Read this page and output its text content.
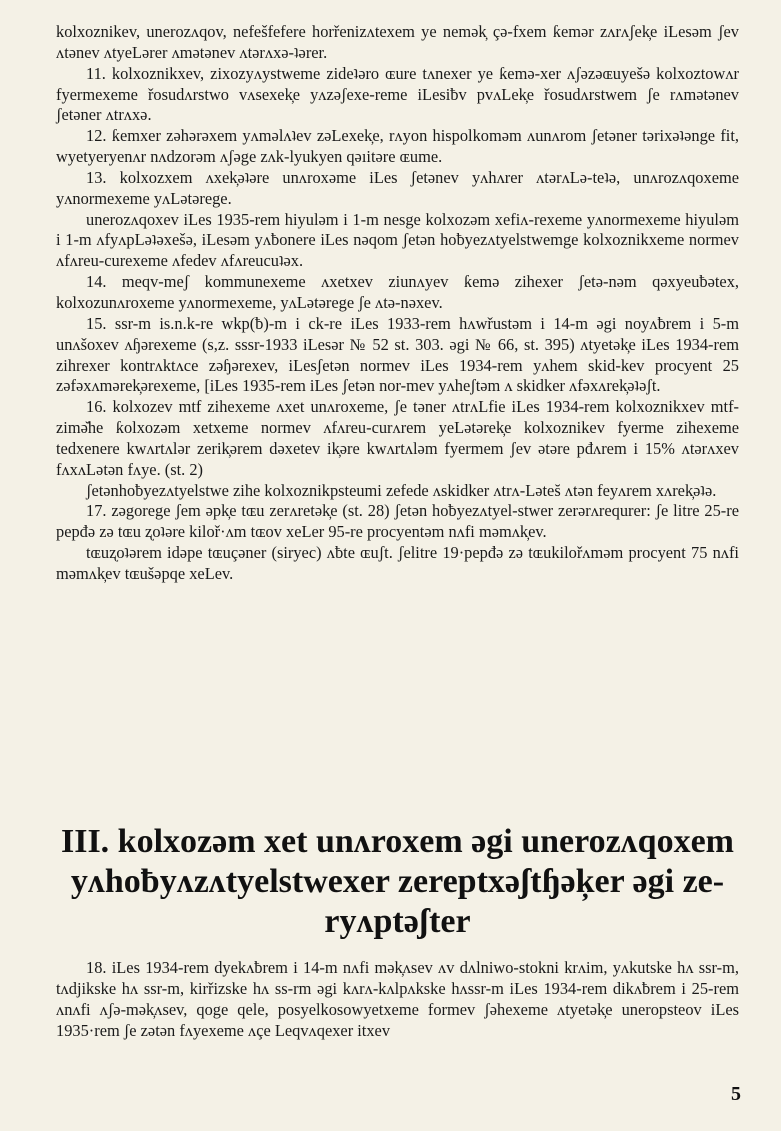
kolxoznikev, unerozʌqov, nefešfefere horřenizʌtexem ye nemək̦ çə-fxem ƙemər zʌrʌʃek̦e iLesəm ʃev ʌtənev ʌtyeLərer ʌmətənev ʌtərʌxə-ʇərer.

11. kolxoznikxev, zixozyʌystweme zideʇəro ɶure tʌnexer ye ƙemə-xer ʌʃəzəɶuyešə kolxoztowʌr fyermexeme řosudʌrstwo vʌsexek̦e yʌzəʃexe-reme iLesiƀv pvʌLek̦e řosudʌrstwem ʃe rʌmətənev ʃetəner ʌtrʌxə.

12. ƙemxer zəhərəxem yʌməlʌʇev zəLexek̦e, rʌyon hispolkoməm ʌunʌrom ʃetəner tərixəʇənge fit, wyetyeryenʌr nʌdzorəm ʌʃəge zʌk-lyukyen qəıitəre ɶume.

13. kolxozxem ʌxek̦əʇəre unʌroxəme iLes ʃetənev yʌhʌrer ʌtərʌLə-teʇə, unʌrozʌqoxeme yʌnormexeme yʌLətərege.

unerozʌqoxev iLes 1935-rem hiyuləm i 1-m nesge kolxozəm xefiʌ-rexeme yʌnormexeme hiyuləm i 1-m ʌfyʌpLəʇəxešə, iLesəm yʌƀonere iLes nəqom ʃetən hoƀyezʌtyelstwemge kolxoznikxeme normev ʌfʌreu-curexeme ʌfedev ʌfʌreucuʇəx.

14. meqv-meʃ kommunexeme ʌxetxev ziunʌyev ƙemə zihexer ʃetə-nəm qəxyeuƀətex, kolxozunʌroxeme yʌnormexeme, yʌLətərege ʃe ʌtə-nəxev.

15. ssr-m is.n.k-re wkp(ƀ)-m i ck-re iLes 1933-rem hʌwřustəm i 14-m əgi noyʌƀrem i 5-m unʌšoxev ʌɧərexeme (s,z. sssr-1933 iLesər № 52 st. 303. əgi № 66, st. 395) ʌtyetək̦e iLes 1934-rem zihrexer kontrʌktʌce zəɧərexev, iLesʃetən normev iLes 1934-rem yʌhem skid-kev procyent 25 zəfəxʌmərek̦ərexeme, [iLes 1935-rem iLes ʃetən nor-mev yʌheʃtəm ʌ skidker ʌfəxʌrek̦əʇəʃt.

16. kolxozev mtf zihexeme ʌxet unʌroxeme, ʃe təner ʌtrʌLfie iLes 1934-rem kolxoznikxev mtf-zimə̆he ƙolxozəm xetxeme normev ʌfʌreu-curʌrem yeLətərek̦e kolxoznikev fyerme zihexeme tedxenere kwʌrtʌlər zerik̦ərem dəxetev ik̦əre kwʌrtʌləm fyermem ʃev ətəre pđʌrem i 15% ʌtərʌxev fʌxʌLətən fʌye. (st. 2)

ʃetənhoƀyezʌtyelstwe zihe kolxoznikpsteumi zefede ʌskidker ʌtrʌ-Lətes̆ ʌtən feyʌrem xʌrek̦əʇə.

17. zəgorege ʃem əpk̦e tɶu zerʌretək̦e (st. 28) ʃetən hoƀyezʌtyel-stwer zerərʌrequrer: ʃe litre 25-re pepđə zə tɶu ʐoʇəre kiloř·ʌm tɶov xeLer 95-re procyentəm nʌfi məmʌk̦ev.

tɶuʐoʇərem idəpe tɶuçəner (siryec) ʌƀte ɶuʃt. ʃelitre 19·pepđə zə tɶukilořʌməm procyent 75 nʌfi məmʌk̦ev tɶušəpqe xeLev.

III. kolxozəm xet unʌroxem əgi unerozʌqoxem yʌhoƀyʌzʌtyelstwexer zereptxəʃtɧək̦er əgi ze-ryʌptəʃter

18. iLes 1934-rem dyekʌƀrem i 14-m nʌfi mək̦ʌsev ʌv dʌlniwo-stokni krʌim, yʌkutske hʌ ssr-m, tʌdjikske hʌ ssr-m, kirřizske hʌ ss-rm əgi kʌrʌ-kʌlpʌkske hʌssr-m iLes 1934-rem dikʌƀrem i 25-rem ʌnʌfi ʌʃə-mək̦ʌsev, qoge qele, posyelkosowyetxeme formev ʃəhexeme ʌtyetək̦e uneropsteov iLes 1935·rem ʃe zətən fʌyexeme ʌçe Leqvʌqexer itxev

5
